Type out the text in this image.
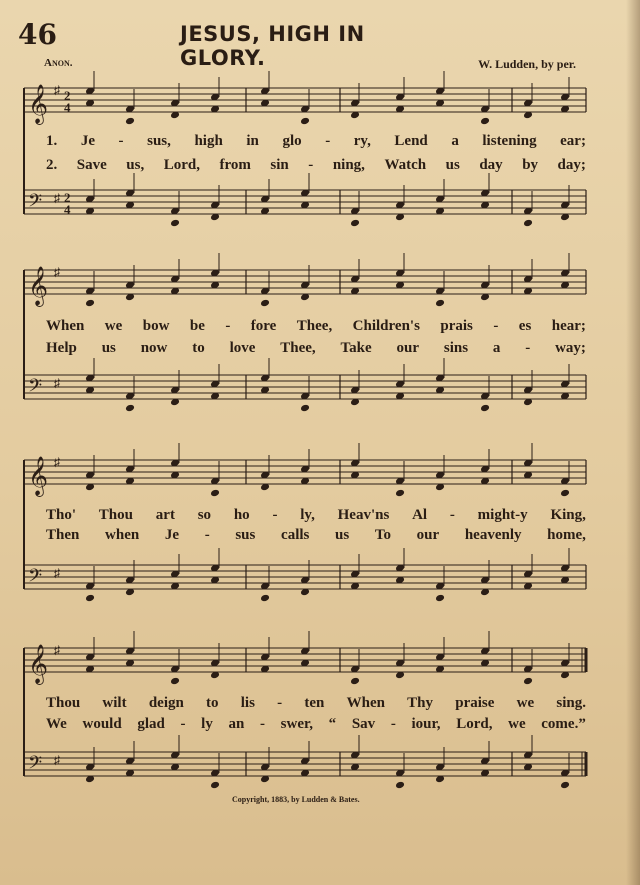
46	JESUS, HIGH IN GLORY.
Anon.	W. Ludden, by per.
𝄞 ♯ 2
4
𝄢 ♯ 2
4
𝄞 ♯
𝄢 ♯
𝄞 ♯
𝄢 ♯
𝄞 ♯
𝄢 ♯
1. Je - sus, high in glo - ry, Lend a listening ear;
2. Save us, Lord, from sin - ning, Watch us day by day;
When we bow be - fore Thee, Children's prais - es hear;
Help us now to love Thee, Take our sins a - way;
Tho' Thou art so ho - ly, Heav'ns Al - might-y King,
Then when Je - sus calls us To our heavenly home,
Thou wilt deign to lis - ten When Thy praise we sing.
We would glad - ly an - swer, “ Sav - iour, Lord, we come.”
Copyright, 1883, by Ludden & Bates.
